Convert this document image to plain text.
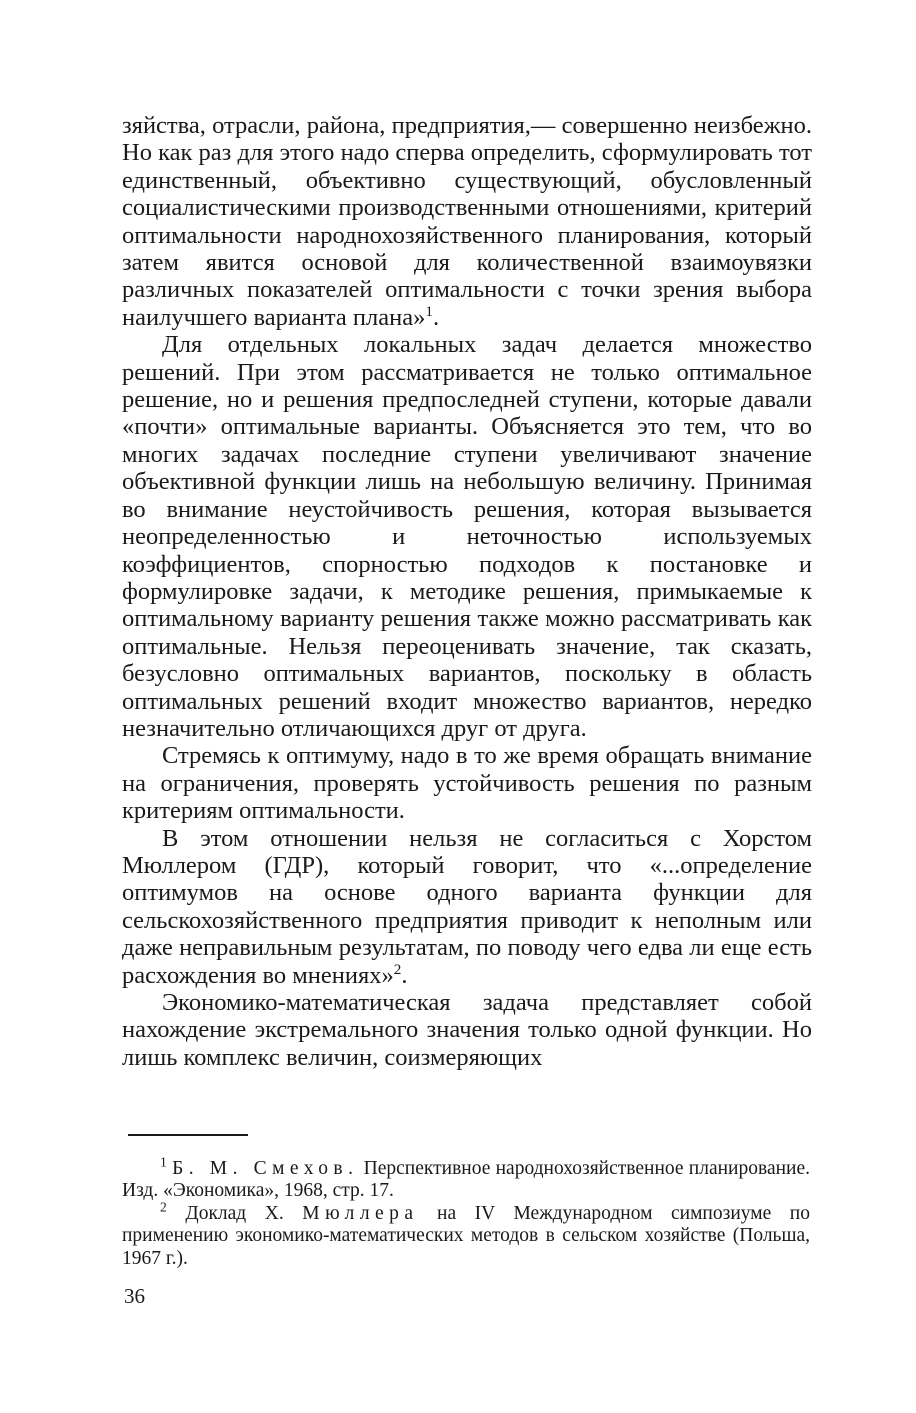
зяйства, отрасли, района, предприятия,— совершенно неизбежно. Но как раз для этого надо сперва определить, сформулировать тот единственный, объективно существующий, обусловленный социалистическими производственными отношениями, критерий оптимальности народнохозяйственного планирования, который затем явится основой для количественной взаимоувязки различных показателей оптимальности с точки зрения выбора наилучшего варианта плана»$^1$.

Для отдельных локальных задач делается множество решений. При этом рассматривается не только оптимальное решение, но и решения предпоследней ступени, которые давали «почти» оптимальные варианты. Объясняется это тем, что во многих задачах последние ступени увеличивают значение объективной функции лишь на небольшую величину. Принимая во внимание неустойчивость решения, которая вызывается неопределенностью и неточностью используемых коэффициентов, спорностью подходов к постановке и формулировке задачи, к методике решения, примыкаемые к оптимальному варианту решения также можно рассматривать как оптимальные. Нельзя переоценивать значение, так сказать, безусловно оптимальных вариантов, поскольку в область оптимальных решений входит множество вариантов, нередко незначительно отличающихся друг от друга.

Стремясь к оптимуму, надо в то же время обращать внимание на ограничения, проверять устойчивость решения по разным критериям оптимальности.

В этом отношении нельзя не согласиться с Хорстом Мюллером (ГДР), который говорит, что «...определение оптимумов на основе одного варианта функции для сельскохозяйственного предприятия приводит к неполным или даже неправильным результатам, по поводу чего едва ли еще есть расхождения во мнениях»$^2$.

Экономико-математическая задача представляет собой нахождение экстремального значения только одной функции. Но лишь комплекс величин, соизмеряющих

$^1$ Б. М. Смехов. Перспективное народнохозяйственное планирование. Изд. «Экономика», 1968, стр. 17.

$^2$ Доклад Х. Мюллера на IV Международном симпозиуме по применению экономико-математических методов в сельском хозяйстве (Польша, 1967 г.).

36
